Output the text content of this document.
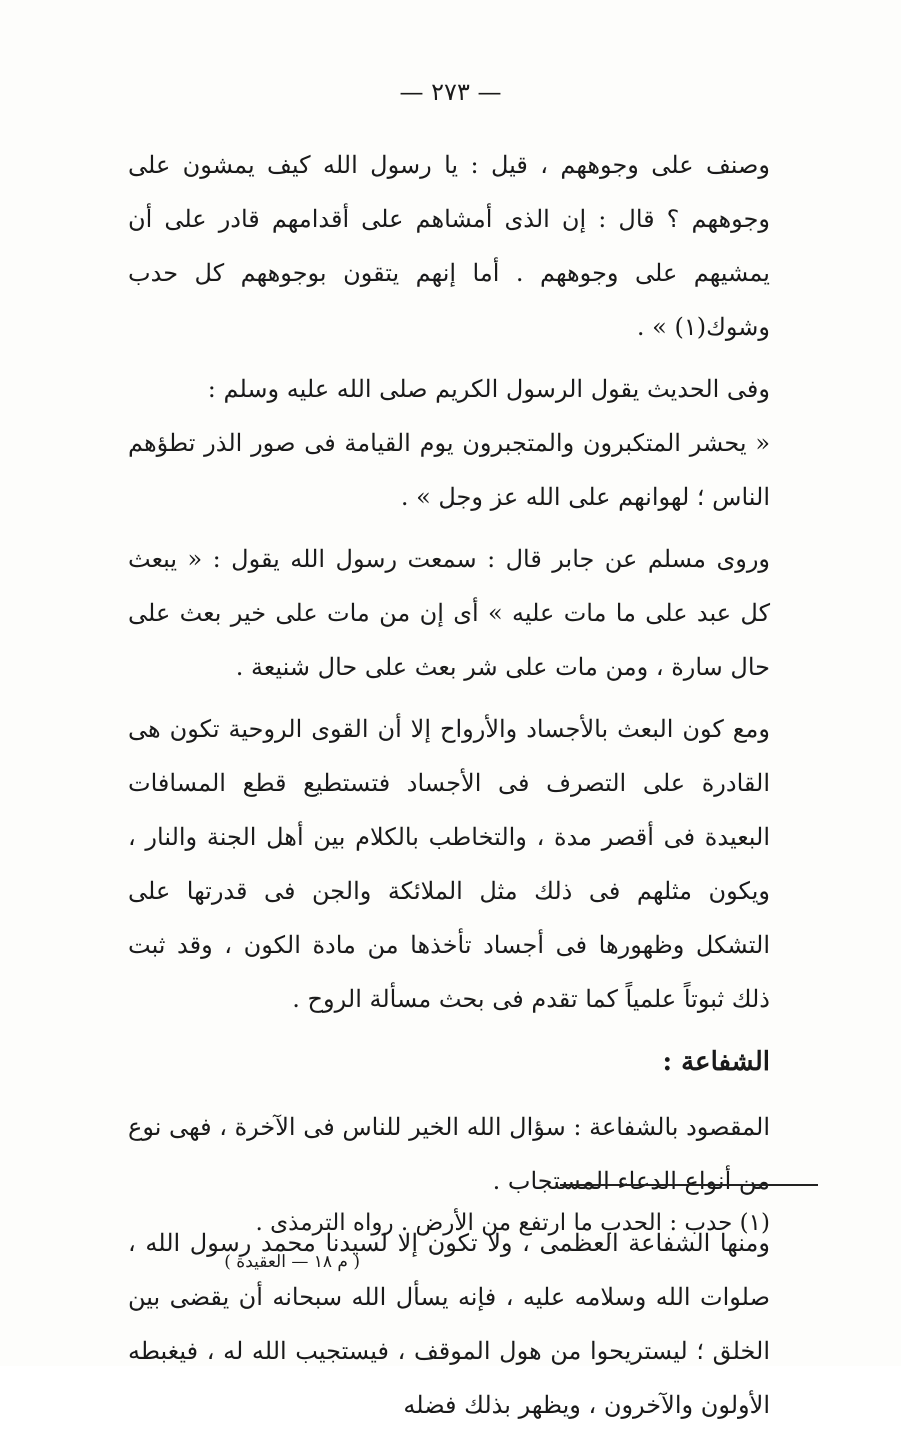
— ٢٧٣ —

وصنف على وجوههم ، قيل : يا رسول الله كيف يمشون على وجوههم ؟ قال : إن الذى أمشاهم على أقدامهم قادر على أن يمشيهم على وجوههم . أما إنهم يتقون بوجوههم كل حدب وشوك(١) » .

وفى الحديث يقول الرسول الكريم صلى الله عليه وسلم :

« يحشر المتكبرون والمتجبرون يوم القيامة فى صور الذر تطؤهم الناس ؛ لهوانهم على الله عز وجل » .

وروى مسلم عن جابر قال : سمعت رسول الله يقول : « يبعث كل عبد على ما مات عليه » أى إن من مات على خير بعث على حال سارة ، ومن مات على شر بعث على حال شنيعة .

ومع كون البعث بالأجساد والأرواح إلا أن القوى الروحية تكون هى القادرة على التصرف فى الأجساد فتستطيع قطع المسافات البعيدة فى أقصر مدة ، والتخاطب بالكلام بين أهل الجنة والنار ، ويكون مثلهم فى ذلك مثل الملائكة والجن فى قدرتها على التشكل وظهورها فى أجساد تأخذها من مادة الكون ، وقد ثبت ذلك ثبوتاً علمياً كما تقدم فى بحث مسألة الروح .

الشفاعة :

المقصود بالشفاعة : سؤال الله الخير للناس فى الآخرة ، فهى نوع من أنواع الدعاء المستجاب .

ومنها الشفاعة العظمى ، ولا تكون إلا لسيدنا محمد رسول الله ، صلوات الله وسلامه عليه ، فإنه يسأل الله سبحانه أن يقضى بين الخلق ؛ ليستريحوا من هول الموقف ، فيستجيب الله له ، فيغبطه الأولون والآخرون ، ويظهر بذلك فضله

(١) حدب : الحدب ما ارتفع من الأرض . رواه الترمذى .
( م ١٨ — العقيدة )
